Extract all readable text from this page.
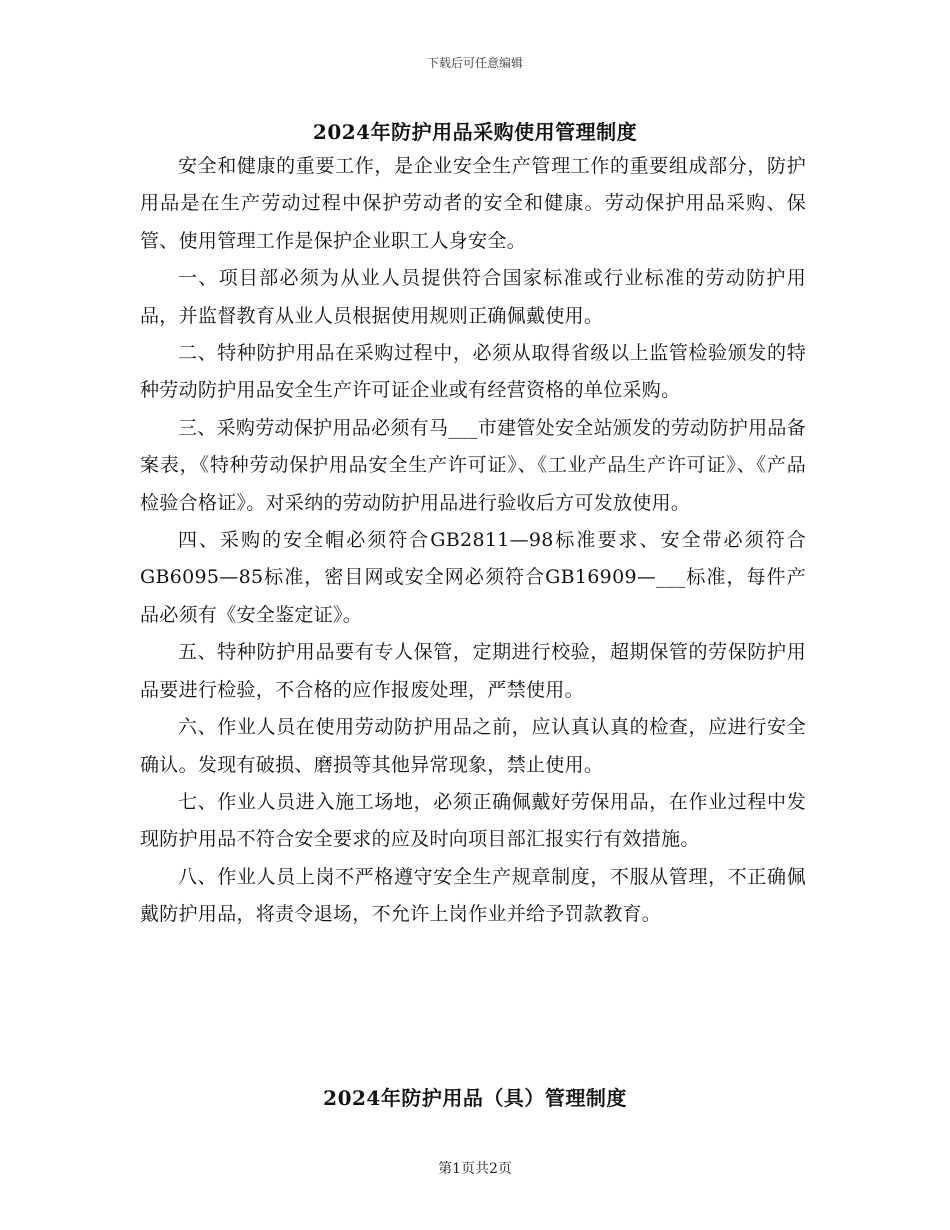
下载后可任意编辑
2024年防护用品采购使用管理制度

安全和健康的重要工作，是企业安全生产管理工作的重要组成部分，防护用品是在生产劳动过程中保护劳动者的安全和健康。劳动保护用品采购、保管、使用管理工作是保护企业职工人身安全。

一、项目部必须为从业人员提供符合国家标准或行业标准的劳动防护用品，并监督教育从业人员根据使用规则正确佩戴使用。

二、特种防护用品在采购过程中，必须从取得省级以上监管检验颁发的特种劳动防护用品安全生产许可证企业或有经营资格的单位采购。

三、采购劳动保护用品必须有马___市建管处安全站颁发的劳动防护用品备案表，《特种劳动保护用品安全生产许可证》、《工业产品生产许可证》、《产品检验合格证》。对采纳的劳动防护用品进行验收后方可发放使用。

四、采购的安全帽必须符合GB2811—98标准要求、安全带必须符合GB6095—85标准，密目网或安全网必须符合GB16909—___标准，每件产品必须有《安全鉴定证》。

五、特种防护用品要有专人保管，定期进行校验，超期保管的劳保防护用品要进行检验，不合格的应作报废处理，严禁使用。

六、作业人员在使用劳动防护用品之前，应认真认真的检查，应进行安全确认。发现有破损、磨损等其他异常现象，禁止使用。

七、作业人员进入施工场地，必须正确佩戴好劳保用品，在作业过程中发现防护用品不符合安全要求的应及时向项目部汇报实行有效措施。

八、作业人员上岗不严格遵守安全生产规章制度，不服从管理，不正确佩戴防护用品，将责令退场，不允许上岗作业并给予罚款教育。

2024年防护用品（具）管理制度
第1页共2页
